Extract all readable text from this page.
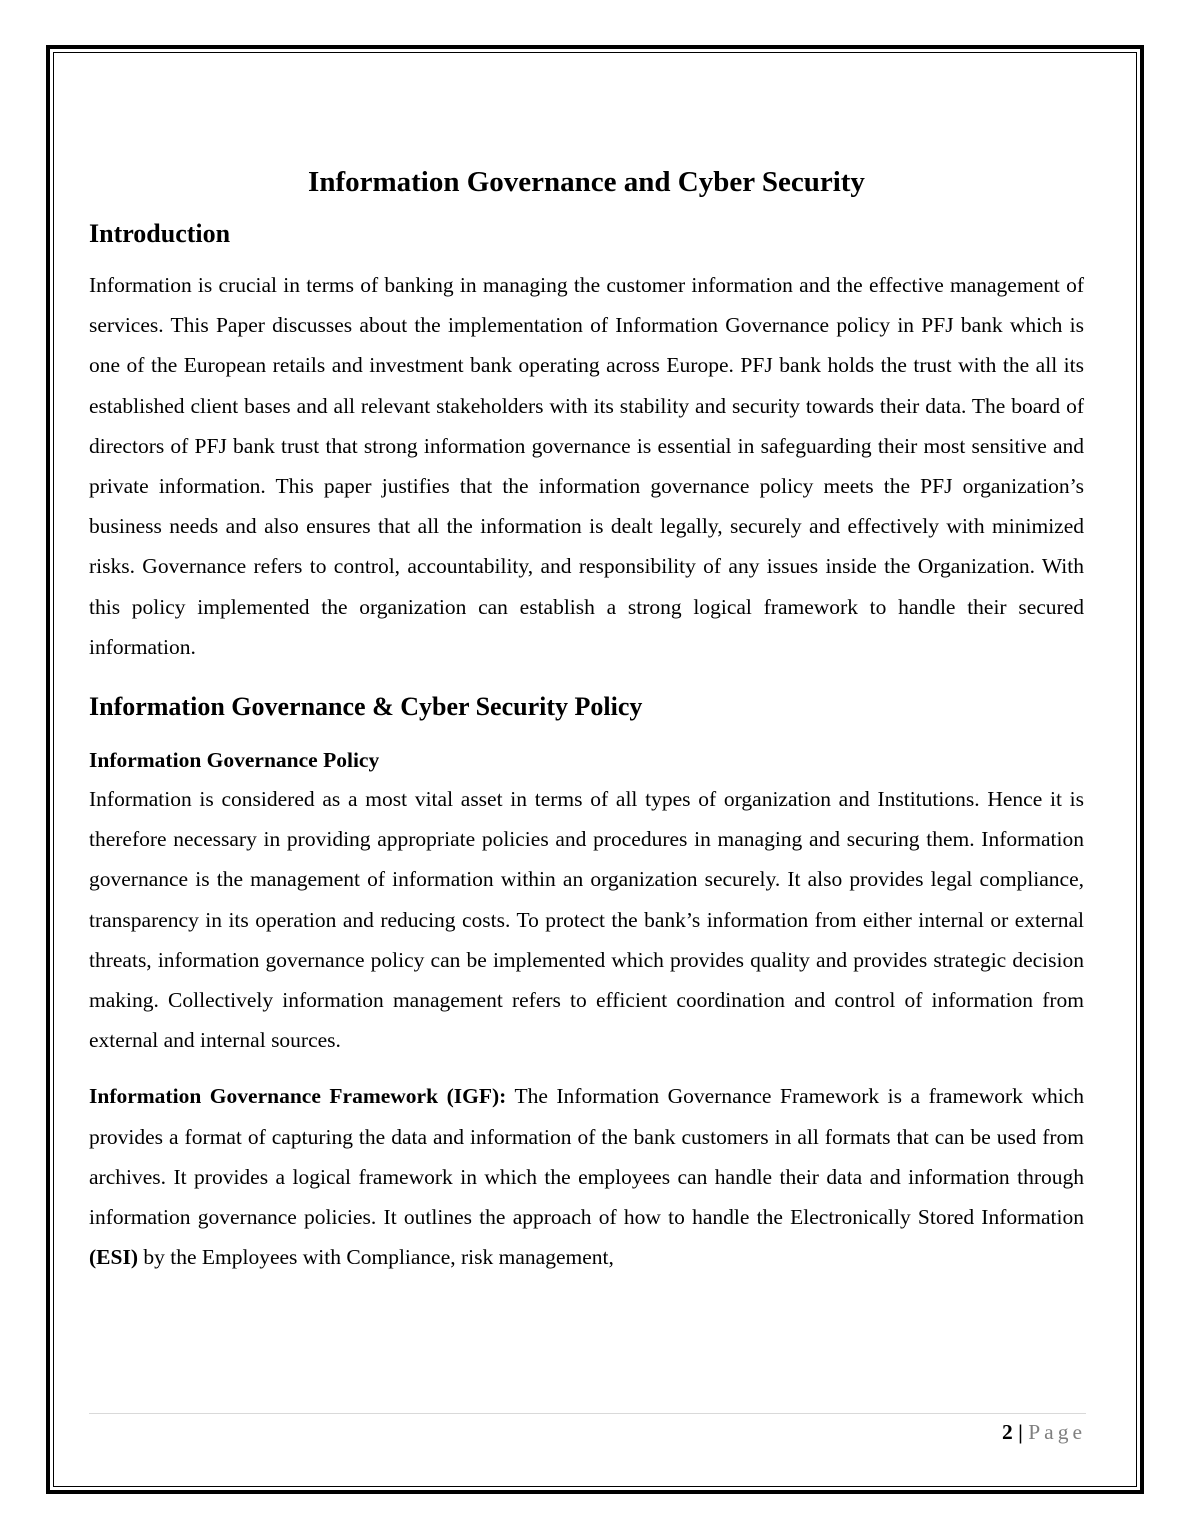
Information Governance and Cyber Security
Introduction

Information is crucial in terms of banking in managing the customer information and the effective management of services. This Paper discusses about the implementation of Information Governance policy in PFJ bank which is one of the European retails and investment bank operating across Europe. PFJ bank holds the trust with the all its established client bases and all relevant stakeholders with its stability and security towards their data. The board of directors of PFJ bank trust that strong information governance is essential in safeguarding their most sensitive and private information. This paper justifies that the information governance policy meets the PFJ organization’s business needs and also ensures that all the information is dealt legally, securely and effectively with minimized risks. Governance refers to control, accountability, and responsibility of any issues inside the Organization. With this policy implemented the organization can establish a strong logical framework to handle their secured information.

Information Governance & Cyber Security Policy
Information Governance Policy

Information is considered as a most vital asset in terms of all types of organization and Institutions. Hence it is therefore necessary in providing appropriate policies and procedures in managing and securing them. Information governance is the management of information within an organization securely. It also provides legal compliance, transparency in its operation and reducing costs. To protect the bank’s information from either internal or external threats, information governance policy can be implemented which provides quality and provides strategic decision making. Collectively information management refers to efficient coordination and control of information from external and internal sources.

Information Governance Framework (IGF): The Information Governance Framework is a framework which provides a format of capturing the data and information of the bank customers in all formats that can be used from archives. It provides a logical framework in which the employees can handle their data and information through information governance policies. It outlines the approach of how to handle the Electronically Stored Information (ESI) by the Employees with Compliance, risk management,

2 | Page
